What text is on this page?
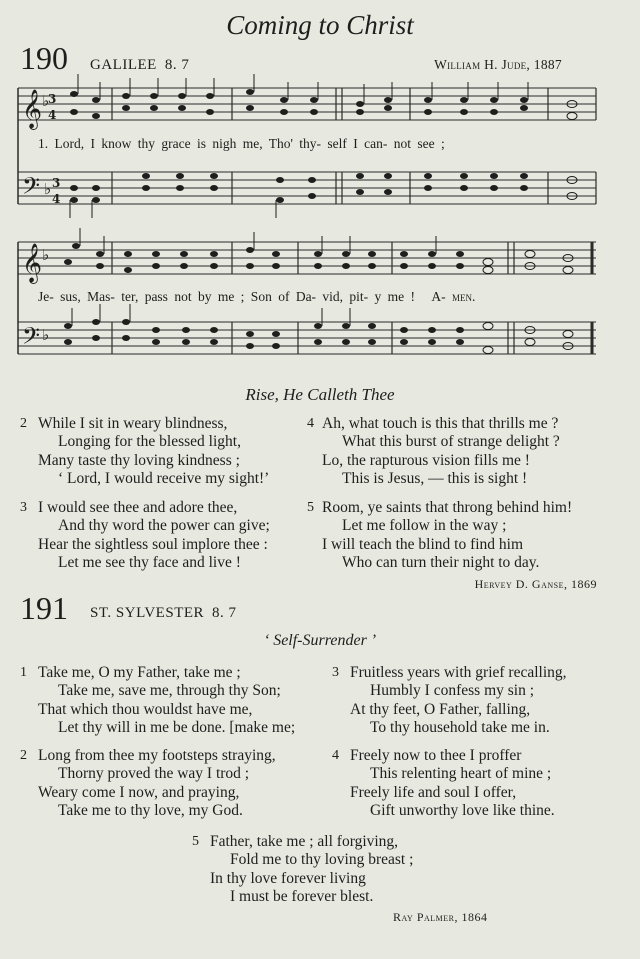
Coming to Christ
190 GALILEE 8. 7	William H. Jude, 1887
𝄞
𝄢
𝄞
𝄢
♭
3
4
♭ 3
4
♭
♭
1. Lord, I know thy grace is nigh me, Tho' thy- self I can- not see ;
Je- sus, Mas- ter, pass not by me ; Son of Da- vid, pit- y me ! A- men.
Rise, He Calleth Thee
2 While I sit in weary blindness,
Longing for the blessed light,
Many taste thy loving kindness ;
‘ Lord, I would receive my sight!’
3 I would see thee and adore thee,
And thy word the power can give;
Hear the sightless soul implore thee :
Let me see thy face and live !
4 Ah, what touch is this that thrills me ?
What this burst of strange delight ?
Lo, the rapturous vision fills me !
This is Jesus, — this is sight !
5 Room, ye saints that throng behind him!
Let me follow in the way ;
I will teach the blind to find him
Who can turn their night to day.
Hervey D. Ganse, 1869
191 ST. SYLVESTER 8. 7
‘ Self-Surrender ’
1 Take me, O my Father, take me ;
Take me, save me, through thy Son;
That which thou wouldst have me,
Let thy will in me be done. [make me;
2 Long from thee my footsteps straying,
Thorny proved the way I trod ;
Weary come I now, and praying,
Take me to thy love, my God.
3 Fruitless years with grief recalling,
Humbly I confess my sin ;
At thy feet, O Father, falling,
To thy household take me in.
4 Freely now to thee I proffer
This relenting heart of mine ;
Freely life and soul I offer,
Gift unworthy love like thine.
5 Father, take me ; all forgiving,
Fold me to thy loving breast ;
In thy love forever living
I must be forever blest.
Ray Palmer, 1864
